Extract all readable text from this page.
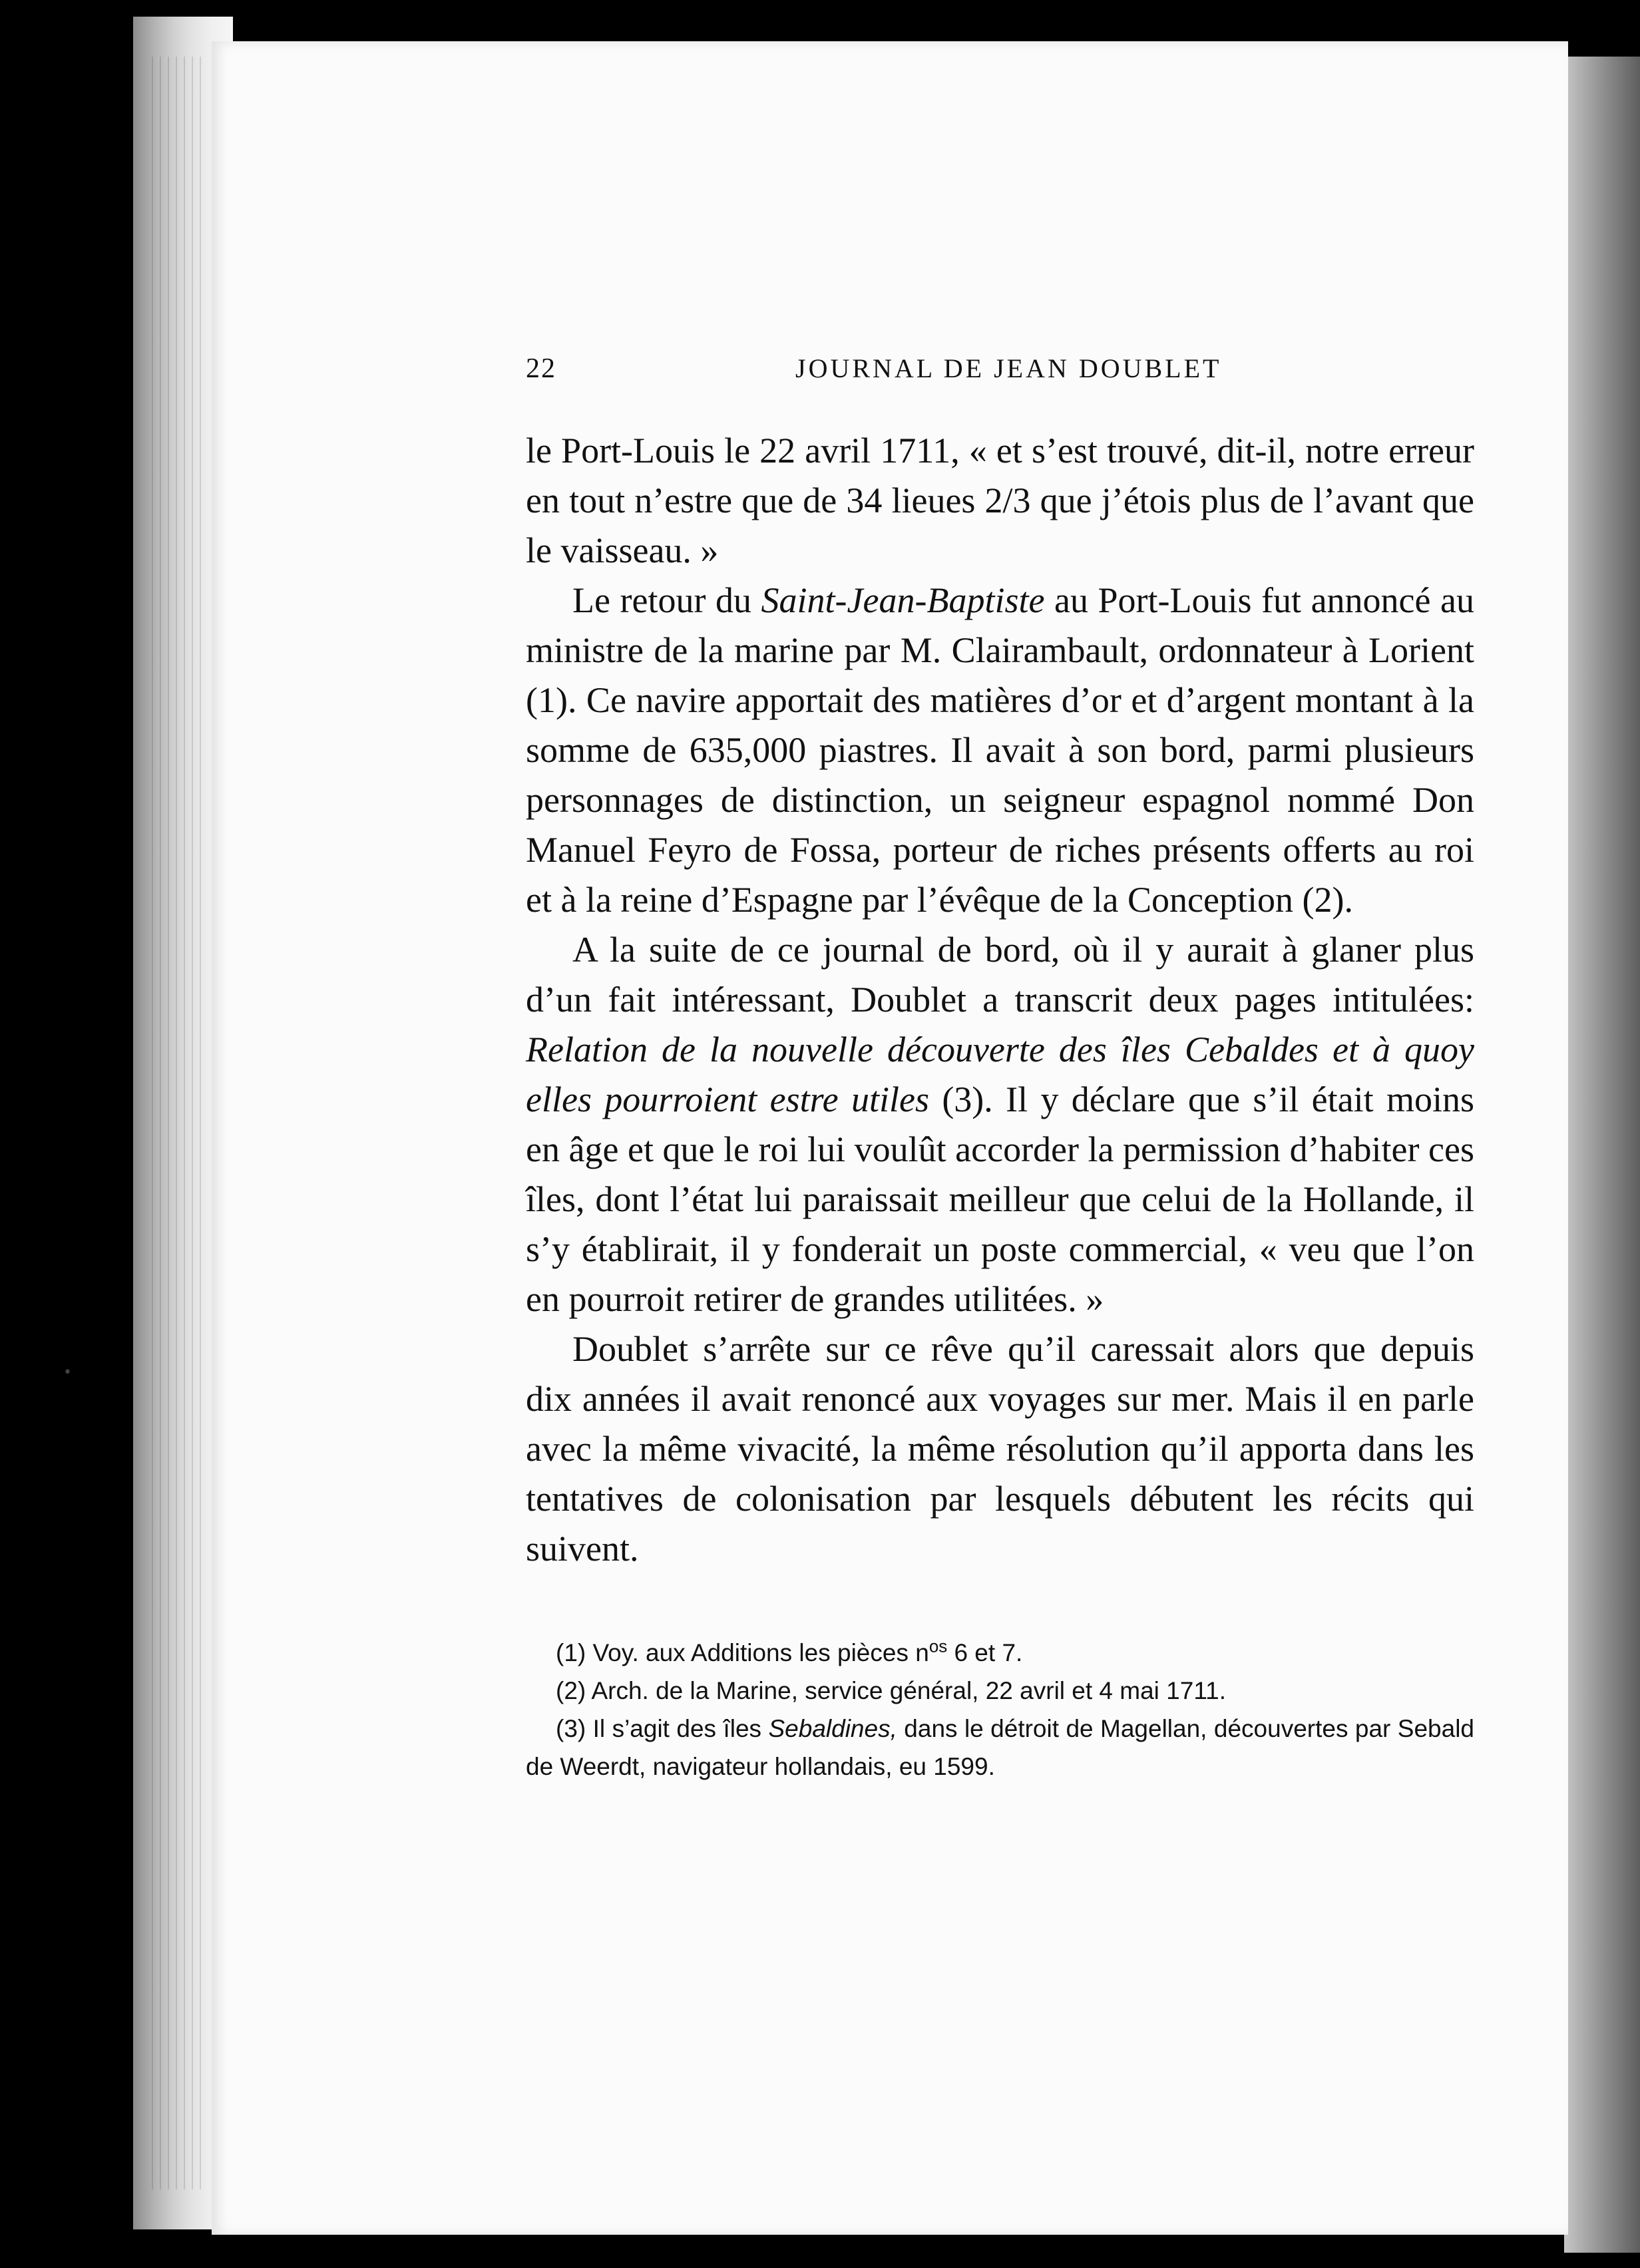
•
22	JOURNAL DE JEAN DOUBLET

le Port-Louis le 22 avril 1711, « et s’est trouvé, dit-il, notre erreur en tout n’estre que de 34 lieues 2/3 que j’étois plus de l’avant que le vaisseau. »

Le retour du Saint-Jean-Baptiste au Port-Louis fut annoncé au ministre de la marine par M. Clairambault, ordonnateur à Lorient (1). Ce navire apportait des matières d’or et d’argent montant à la somme de 635,000 piastres. Il avait à son bord, parmi plusieurs personnages de distinction, un seigneur espagnol nommé Don Manuel Feyro de Fossa, porteur de riches présents offerts au roi et à la reine d’Espagne par l’évêque de la Conception (2).

A la suite de ce journal de bord, où il y aurait à glaner plus d’un fait intéressant, Doublet a transcrit deux pages intitulées: Relation de la nouvelle découverte des îles Cebaldes et à quoy elles pourroient estre utiles (3). Il y déclare que s’il était moins en âge et que le roi lui voulût accorder la permission d’habiter ces îles, dont l’état lui paraissait meilleur que celui de la Hollande, il s’y établirait, il y fonderait un poste commercial, « veu que l’on en pourroit retirer de grandes utilitées. »

Doublet s’arrête sur ce rêve qu’il caressait alors que depuis dix années il avait renoncé aux voyages sur mer. Mais il en parle avec la même vivacité, la même résolution qu’il apporta dans les tentatives de colonisation par lesquels débutent les récits qui suivent.

(1) Voy. aux Additions les pièces $n^{os}$ 6 et 7.

(2) Arch. de la Marine, service général, 22 avril et 4 mai 1711.

(3) Il s’agit des îles Sebaldines, dans le détroit de Magellan, découvertes par Sebald de Weerdt, navigateur hollandais, eu 1599.
